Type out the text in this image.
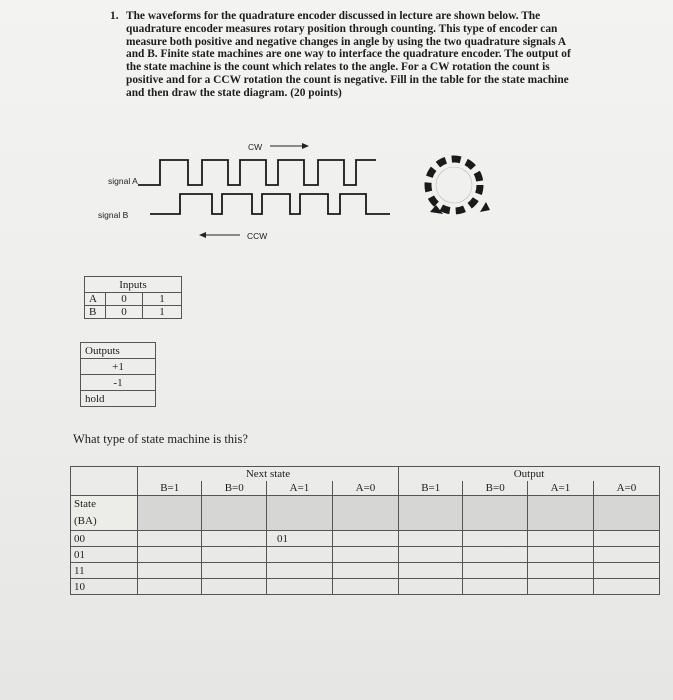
1. The waveforms for the quadrature encoder discussed in lecture are shown below. The quadrature encoder measures rotary position through counting. This type of encoder can measure both positive and negative changes in angle by using the two quadrature signals A and B. Finite state machines are one way to interface the quadrature encoder. The output of the state machine is the count which relates to the angle. For a CW rotation the count is positive and for a CCW rotation the count is negative. Fill in the table for the state machine and then draw the state diagram. (20 points)
CW
signal A
signal B
CCW
Inputs		
A	0	1
B	0	1
Outputs
+1
-1
hold
What type of state machine is this?
	Next state				Output			
	B=1	B=0	A=1	A=0	B=1	B=0	A=1	A=0
State
(BA)								
00			01					
01								
11								
10								
